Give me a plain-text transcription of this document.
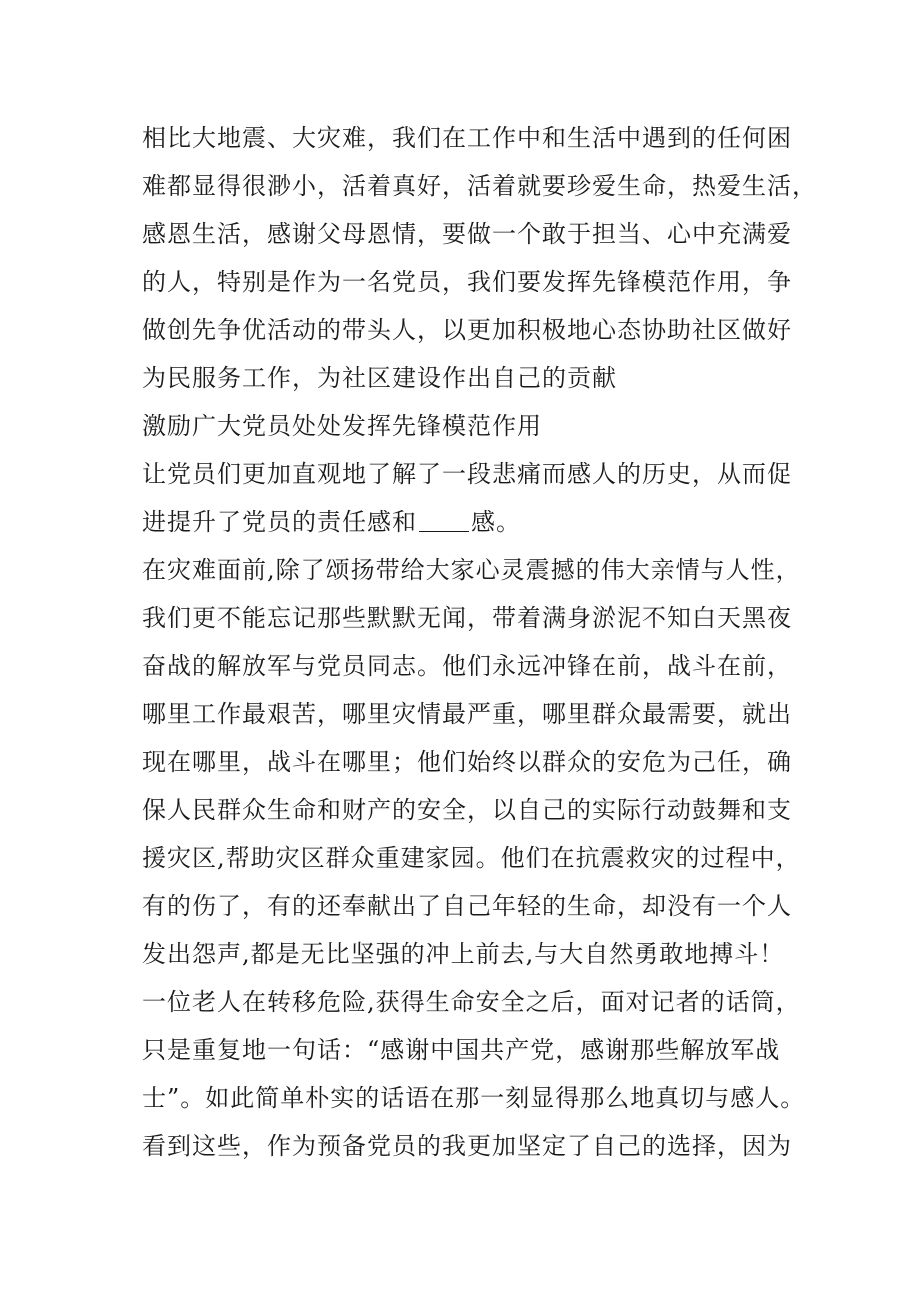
相比大地震、大灾难，我们在工作中和生活中遇到的任何困
难都显得很渺小，活着真好，活着就要珍爱生命，热爱生活，
感恩生活，感谢父母恩情，要做一个敢于担当、心中充满爱
的人，特别是作为一名党员，我们要发挥先锋模范作用，争
做创先争优活动的带头人，以更加积极地心态协助社区做好
为民服务工作，为社区建设作出自己的贡献
激励广大党员处处发挥先锋模范作用
让党员们更加直观地了解了一段悲痛而感人的历史，从而促
进提升了党员的责任感和 感。
在灾难面前,除了颂扬带给大家心灵震撼的伟大亲情与人性，
我们更不能忘记那些默默无闻，带着满身淤泥不知白天黑夜
奋战的解放军与党员同志。他们永远冲锋在前，战斗在前，
哪里工作最艰苦，哪里灾情最严重，哪里群众最需要，就出
现在哪里，战斗在哪里；他们始终以群众的安危为己任，确
保人民群众生命和财产的安全，以自己的实际行动鼓舞和支
援灾区,帮助灾区群众重建家园。他们在抗震救灾的过程中，
有的伤了，有的还奉献出了自己年轻的生命，却没有一个人
发出怨声,都是无比坚强的冲上前去,与大自然勇敢地搏斗！
一位老人在转移危险,获得生命安全之后，面对记者的话筒，
只是重复地一句话：“感谢中国共产党，感谢那些解放军战
士”。如此简单朴实的话语在那一刻显得那么地真切与感人。
看到这些，作为预备党员的我更加坚定了自己的选择，因为
